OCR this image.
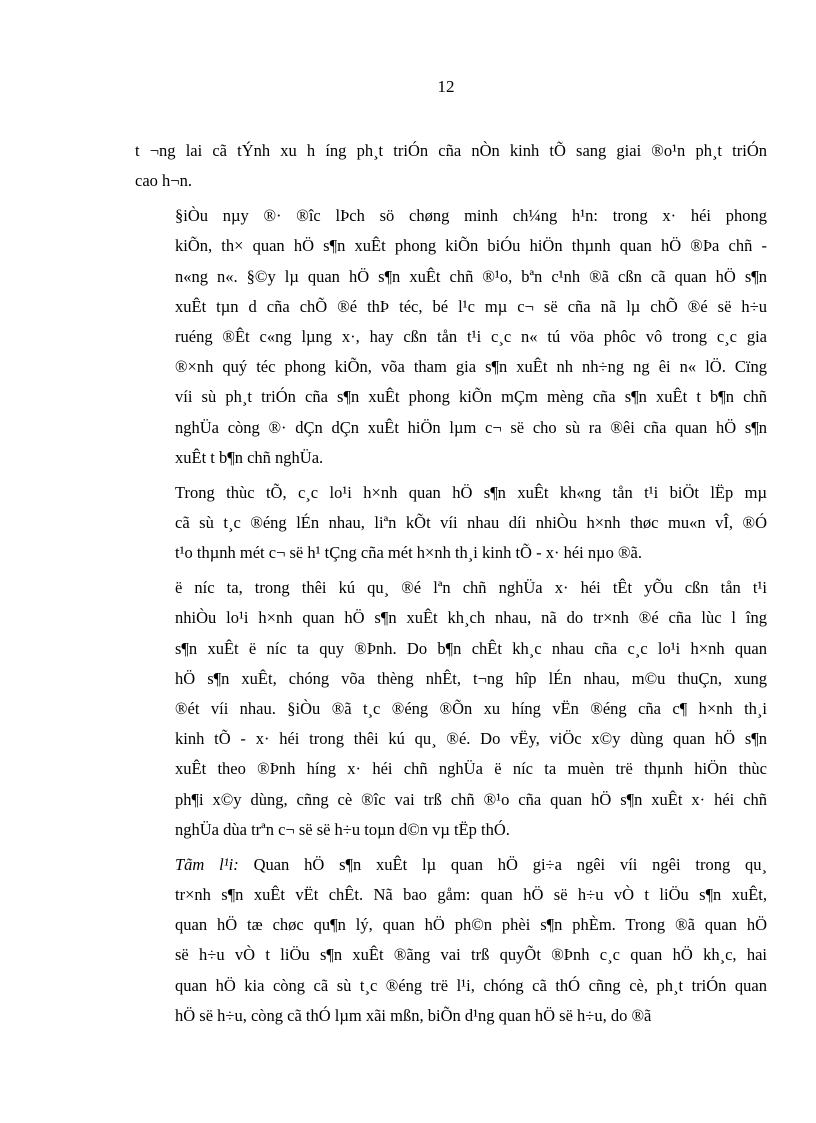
12
t ¬ng lai cã tÝnh xu h íng ph¸t triÓn cña nÒn kinh tÕ sang giai ®o¹n ph¸t triÓn
cao h¬n.
§iÒu nµy ®· ®îc lÞch sö chøng minh ch¼ng h¹n: trong x· héi phong
kiÕn, th× quan hÖ s¶n xuÊt phong kiÕn biÓu hiÖn thµnh quan hÖ ®Þa chñ -
n«ng n«. §©y lµ quan hÖ s¶n xuÊt chñ ®¹o, bªn c¹nh ®ã cßn cã quan hÖ s¶n
xuÊt tµn d cña chÕ ®é thÞ téc, bé l¹c mµ c¬ së cña nã lµ chÕ ®é së h÷u
ruéng ®Êt c«ng lµng x·, hay cßn tån t¹i c¸c n« tú vöa phôc vô trong c¸c gia
®×nh quý téc phong kiÕn, võa tham gia s¶n xuÊt nh nh÷ng ng êi n« lÖ. Cïng
víi sù ph¸t triÓn cña s¶n xuÊt phong kiÕn mÇm mèng cña s¶n xuÊt t b¶n chñ
nghÜa còng ®· dÇn dÇn xuÊt hiÖn lµm c¬ së cho sù ra ®êi cña quan hÖ s¶n
xuÊt t b¶n chñ nghÜa.
Trong thùc tÕ, c¸c lo¹i h×nh quan hÖ s¶n xuÊt kh«ng tån t¹i biÖt lËp mµ
cã sù t¸c ®éng lÉn nhau, liªn kÕt víi nhau díi nhiÒu h×nh thøc mu«n vÎ, ®Ó
t¹o thµnh mét c¬ së h¹ tÇng cña mét h×nh th¸i kinh tÕ - x· héi nµo ®ã.
ë níc ta, trong thêi kú qu¸ ®é lªn chñ nghÜa x· héi tÊt yÕu cßn tån t¹i
nhiÒu lo¹i h×nh quan hÖ s¶n xuÊt kh¸ch nhau, nã do tr×nh ®é cña lùc l îng
s¶n xuÊt ë níc ta quy ®Þnh. Do b¶n chÊt kh¸c nhau cña c¸c lo¹i h×nh quan
hÖ s¶n xuÊt, chóng võa thèng nhÊt, t¬ng hîp lÉn nhau, m©u thuÇn, xung
®ét víi nhau. §iÒu ®ã t¸c ®éng ®Õn xu híng vËn ®éng cña c¶ h×nh th¸i
kinh tÕ - x· héi trong thêi kú qu¸ ®é. Do vËy, viÖc x©y dùng quan hÖ s¶n
xuÊt theo ®Þnh híng x· héi chñ nghÜa ë níc ta muèn trë thµnh hiÖn thùc
ph¶i x©y dùng, cñng cè ®îc vai trß chñ ®¹o cña quan hÖ s¶n xuÊt x· héi chñ
nghÜa dùa trªn c¬ së së h÷u toµn d©n vµ tËp thÓ.
Tãm l¹i: Quan hÖ s¶n xuÊt lµ quan hÖ gi÷a ngêi víi ngêi trong qu¸
tr×nh s¶n xuÊt vËt chÊt. Nã bao gåm: quan hÖ së h÷u vÒ t liÖu s¶n xuÊt,
quan hÖ tæ chøc qu¶n lý, quan hÖ ph©n phèi s¶n phÈm. Trong ®ã quan hÖ
së h÷u vÒ t liÖu s¶n xuÊt ®ãng vai trß quyÕt ®Þnh c¸c quan hÖ kh¸c, hai
quan hÖ kia còng cã sù t¸c ®éng trë l¹i, chóng cã thÓ cñng cè, ph¸t triÓn quan
hÖ së h÷u, còng cã thÓ lµm xãi mßn, biÕn d¹ng quan hÖ së h÷u, do ®ã
